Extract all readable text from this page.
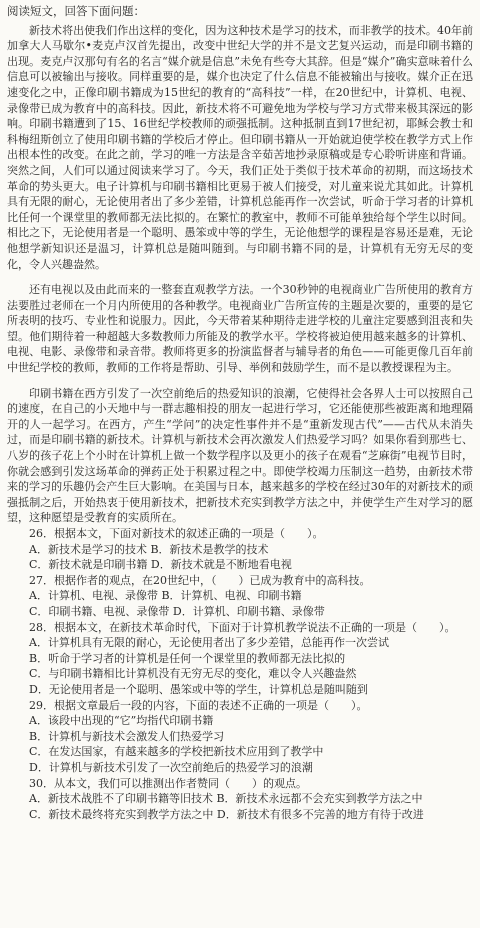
阅读短文，回答下面问题：

新技术将出使我们作出这样的变化，因为这种技术是学习的技术，而非教学的技术。40年前加拿大人马歇尔•麦克卢汉首先提出，改变中世纪大学的并不是文艺复兴运动，而是印刷书籍的出现。麦克卢汉那句有名的名言“媒介就是信息”未免有些夸大其辞。但是“媒介”确实意味着什么信息可以被输出与接收。同样重要的是，媒介也决定了什么信息不能被输出与接收。媒介正在迅速变化之中，正像印刷书籍成为15世纪的教育的“高科技”一样，在20世纪中，计算机、电视、录像带已成为教育中的高科技。因此，新技术将不可避免地为学校与学习方式带来极其深远的影响。印刷书籍遭到了15、16世纪学校教师的顽强抵制。这种抵制直到17世纪初，耶稣会教士和科梅纽斯创立了使用印刷书籍的学校后才停止。但印刷书籍从一开始就迫使学校在教学方式上作出根本性的改变。在此之前，学习的唯一方法是含辛茹苦地抄录原稿或是专心聆听讲座和背诵。突然之间，人们可以通过阅读来学习了。今天，我们正处于类似于技术革命的初期，而这场技术革命的势头更大。电子计算机与印刷书籍相比更易于被人们接受，对儿童来说尤其如此。计算机具有无限的耐心，无论使用者出了多少差错，计算机总能再作一次尝试，听命于学习者的计算机比任何一个课堂里的教师都无法比拟的。在繁忙的教室中，教师不可能单独给每个学生以时间。相比之下，无论使用者是一个聪明、愚笨或中等的学生，无论他想学的课程是容易还是难，无论他想学新知识还是温习，计算机总是随叫随到。与印刷书籍不同的是，计算机有无穷无尽的变化，令人兴趣盎然。

还有电视以及由此而来的一整套直观教学方法。一个30秒钟的电视商业广告所使用的教育方法要胜过老师在一个月内所使用的各种教学。电视商业广告所宣传的主题是次要的，重要的是它所表明的技巧、专业性和说服力。因此，今天带着某种期待走进学校的儿童注定要感到沮丧和失望。他们期待着一种超越大多数教师力所能及的教学水平。学校将被迫使用越来越多的计算机、电视、电影、录像带和录音带。教师将更多的扮演监督者与辅导者的角色——可能更像几百年前中世纪学校的教师，教师的工作将是帮助、引导、举例和鼓励学生，而不是以教授课程为主。

印刷书籍在西方引发了一次空前绝后的热爱知识的浪潮，它使得社会各界人士可以按照自己的速度，在自己的小天地中与一群志趣相投的朋友一起进行学习，它还能使那些被距离和地理隔开的人一起学习。在西方，产生“学问”的决定性事件并不是“重新发现古代”——古代从未消失过，而是印刷书籍的新技术。计算机与新技术会再次激发人们热爱学习吗？如果你看到那些七、八岁的孩子花上个小时在计算机上做一个数学程序以及更小的孩子在观看“芝麻街”电视节目时，你就会感到引发这场革命的弹药正处于积累过程之中。即使学校竭力压制这一趋势，由新技术带来的学习的乐趣仍会产生巨大影响。在美国与日本，越来越多的学校在经过30年的对新技术的顽强抵制之后，开始热衷于使用新技术，把新技术充实到教学方法之中，并使学生产生对学习的愿望，这种愿望是受教育的实质所在。

26．根据本文，下面对新技术的叙述正确的一项是（　　）。

A．新技术是学习的技术 B．新技术是教学的技术

C．新技术就是印刷书籍 D．新技术就是不断地看电视

27．根据作者的观点，在20世纪中，（　　）已成为教育中的高科技。

A．计算机、电视、录像带 B．计算机、电视、印刷书籍

C．印刷书籍、电视、录像带 D．计算机、印刷书籍、录像带

28．根据本文，在新技术革命时代，下面对于计算机教学说法不正确的一项是（　　）。

A．计算机具有无限的耐心，无论使用者出了多少差错，总能再作一次尝试

B．听命于学习者的计算机是任何一个课堂里的教师都无法比拟的

C．与印刷书籍相比计算机没有无穷无尽的变化，难以令人兴趣盎然

D．无论使用者是一个聪明、愚笨或中等的学生，计算机总是随叫随到

29．根据文章最后一段的内容，下面的表述不正确的一项是（　　）。

A．该段中出现的“它”均指代印刷书籍

B．计算机与新技术会激发人们热爱学习

C．在发达国家，有越来越多的学校把新技术应用到了教学中

D．计算机与新技术引发了一次空前绝后的热爱学习的浪潮

30．从本文，我们可以推测出作者赞同（　　）的观点。

A．新技术战胜不了印刷书籍等旧技术 B．新技术永远都不会充实到教学方法之中

C．新技术最终将充实到教学方法之中 D．新技术有很多不完善的地方有待于改进
